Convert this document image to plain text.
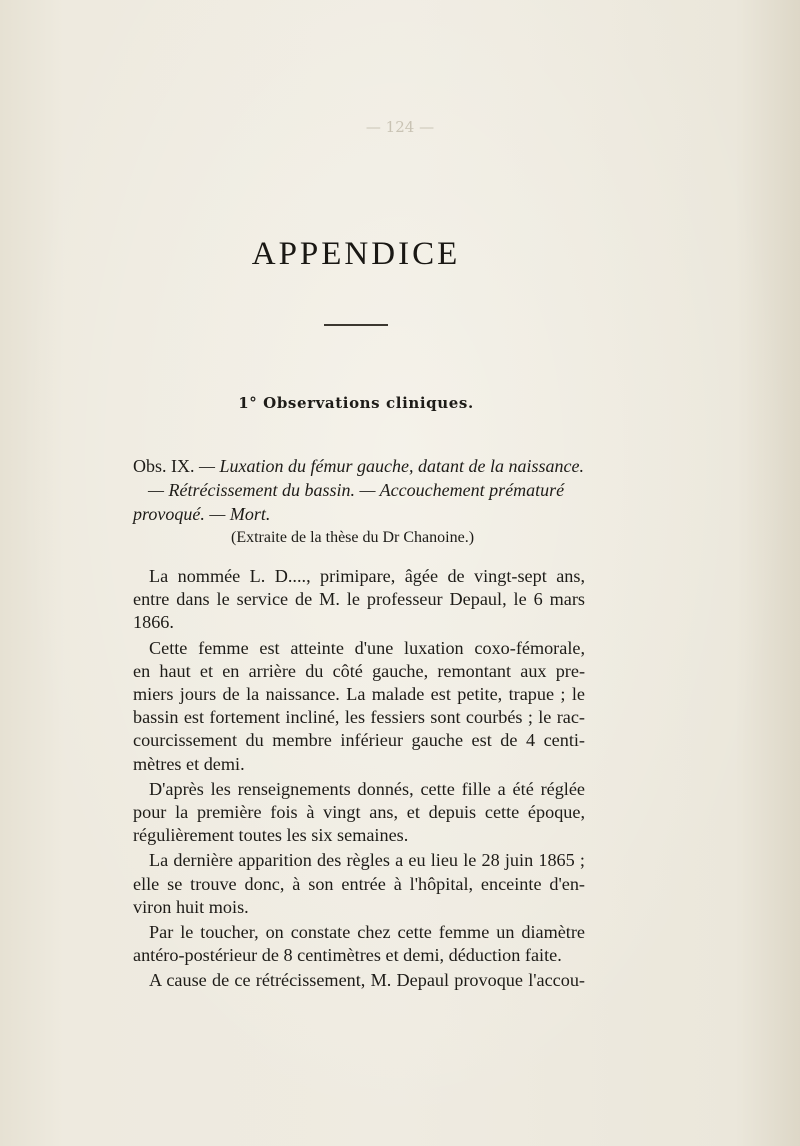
— 124 —
APPENDICE
1° Observations cliniques.
Obs. IX. — Luxation du fémur gauche, datant de la naissance.
— Rétrécissement du bassin. — Accouchement prématuré
provoqué. — Mort.
(Extraite de la thèse du Dr Chanoine.)
La nommée L. D...., primipare, âgée de vingt-sept ans,
entre dans le service de M. le professeur Depaul, le 6 mars
1866.
Cette femme est atteinte d'une luxation coxo-fémorale,
en haut et en arrière du côté gauche, remontant aux pre-
miers jours de la naissance. La malade est petite, trapue ; le
bassin est fortement incliné, les fessiers sont courbés ; le rac-
courcissement du membre inférieur gauche est de 4 centi-
mètres et demi.
D'après les renseignements donnés, cette fille a été réglée
pour la première fois à vingt ans, et depuis cette époque,
régulièrement toutes les six semaines.
La dernière apparition des règles a eu lieu le 28 juin 1865 ;
elle se trouve donc, à son entrée à l'hôpital, enceinte d'en-
viron huit mois.
Par le toucher, on constate chez cette femme un diamètre
antéro-postérieur de 8 centimètres et demi, déduction faite.
A cause de ce rétrécissement, M. Depaul provoque l'accou-
